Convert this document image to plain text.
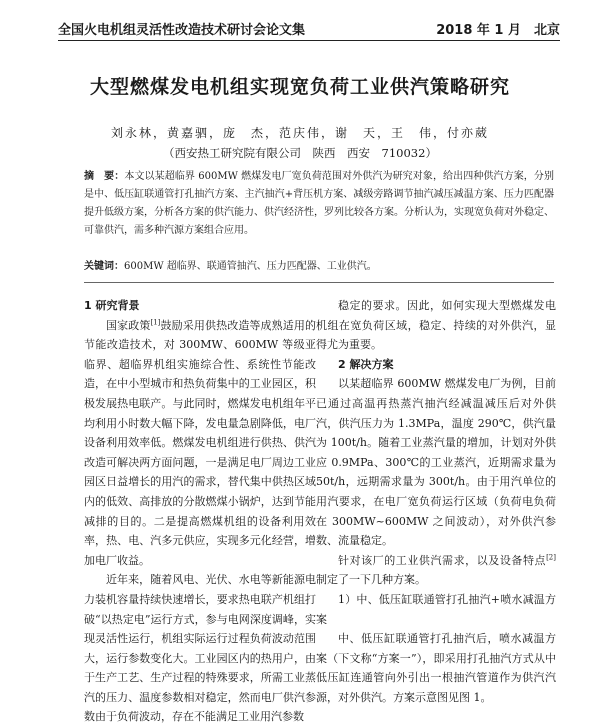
全国火电机组灵活性改造技术研讨会论文集	2018 年 1 月　北京
大型燃煤发电机组实现宽负荷工业供汽策略研究
刘永林，黄嘉驷，庞　杰，范庆伟，谢　天，王　伟，付亦葳
（西安热工研究院有限公司　陕西　西安　710032）
摘　要：本文以某超临界 600MW 燃煤发电厂宽负荷范围对外供汽为研究对象，给出四种供汽方案，分别是中、低压缸联通管打孔抽汽方案、主汽抽汽+背压机方案、减级旁路调节抽汽减压减温方案、压力匹配器提升低级方案，分析各方案的供汽能力、供汽经济性，罗列比较各方案。分析认为，实现宽负荷对外稳定、可靠供汽，需多种汽源方案组合应用。
关键词：600MW 超临界、联通管抽汽、压力匹配器、工业供汽。
1 研究背景

国家政策[1]鼓励采用供热改造等成熟适用的节能改造技术，对 300MW、600MW 等级亚临界、超临界机组实施综合性、系统性节能改造，在中小型城市和热负荷集中的工业园区，积极发展热电联产。与此同时，燃煤发电机组年平均利用小时数大幅下降，发电量急剧降低，电厂设备利用效率低。燃煤发电机组进行供热、供汽改造可解决两方面问题，一是满足电厂周边工业园区日益增长的用汽的需求，替代集中供热区域内的低效、高排放的分散燃煤小锅炉，达到节能减排的目的。二是提高燃煤机组的设备利用效率，热、电、汽多元供应，实现多元化经营，增加电厂收益。

近年来，随着风电、光伏、水电等新能源电力装机容量持续快速增长，要求热电联产机组打破“以热定电”运行方式，参与电网深度调峰，实现灵活性运行，机组实际运行过程负荷波动范围大，运行参数变化大。工业园区内的热用户，由于生产工艺、生产过程的特殊要求，所需工业蒸汽的压力、温度参数相对稳定，然而电厂供汽参数由于负荷波动，存在不能满足工业用汽参数

稳定的要求。因此，如何实现大型燃煤发电机组在宽负荷区域，稳定、持续的对外供汽，显得尤为重要。

2 解决方案

以某超临界 600MW 燃煤发电厂为例，目前已通过高温再热蒸汽抽汽经减温减压后对外供汽，供汽压力为 1.3MPa，温度 290℃，供汽量为 100t/h。随着工业蒸汽量的增加，计划对外供应 0.9MPa、300℃的工业蒸汽，近期需求量为 50t/h，远期需求量为 300t/h。由于用汽单位的用汽要求，在电厂宽负荷运行区域（负荷电负荷在 300MW~600MW 之间波动），对外供汽参数、流量稳定。

针对该厂的工业供汽需求，以及设备特点[2]制定了一下几种方案。

1）中、低压缸联通管打孔抽汽+喷水减温方案

中、低压缸联通管打孔抽汽后，喷水减温方案（下文称“方案一”），即采用打孔抽汽方式从中低压缸连通管向外引出一根抽汽管道作为供汽汽源，对外供汽。方案示意图见图 1。
